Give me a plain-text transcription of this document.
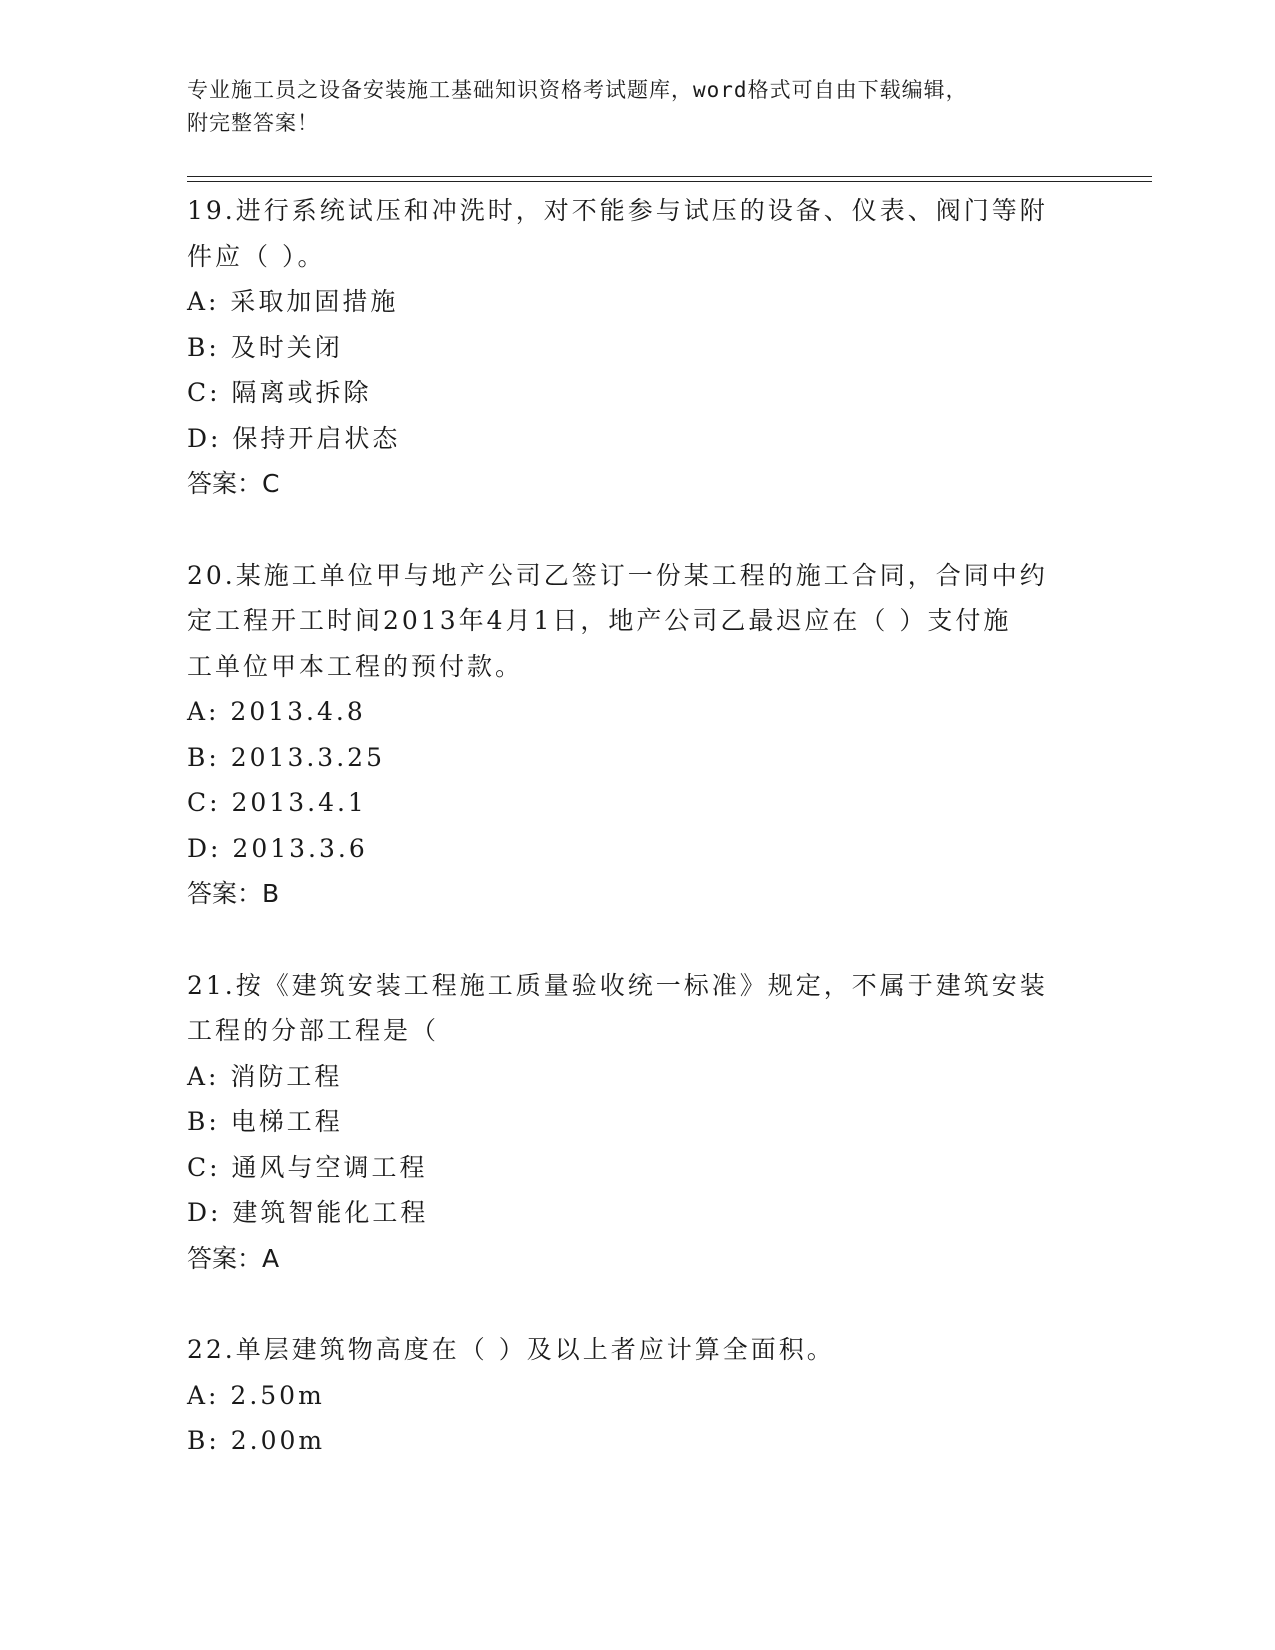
专业施工员之设备安装施工基础知识资格考试题库，word格式可自由下载编辑，
附完整答案！
19.进行系统试压和冲洗时，对不能参与试压的设备、仪表、阀门等附
件应（ ）。
A: 采取加固措施
B: 及时关闭
C: 隔离或拆除
D: 保持开启状态
答案：C
20.某施工单位甲与地产公司乙签订一份某工程的施工合同，合同中约
定工程开工时间2013年4月1日，地产公司乙最迟应在（ ）支付施
工单位甲本工程的预付款。
A: 2013.4.8
B: 2013.3.25
C: 2013.4.1
D: 2013.3.6
答案：B
21.按《建筑安装工程施工质量验收统一标准》规定，不属于建筑安装
工程的分部工程是（
A: 消防工程
B: 电梯工程
C: 通风与空调工程
D: 建筑智能化工程
答案：A
22.单层建筑物高度在（ ）及以上者应计算全面积。
A: 2.50m
B: 2.00m
